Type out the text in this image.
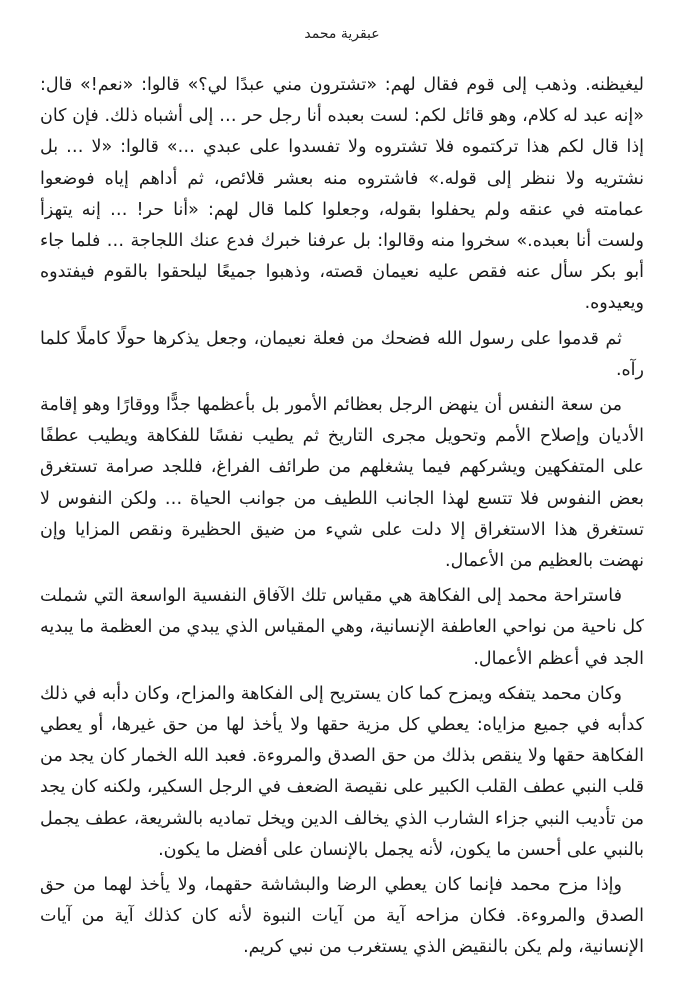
عبقرية محمد

ليغيظنه. وذهب إلى قوم فقال لهم: «تشترون مني عبدًا لي؟» قالوا: «نعم!» قال: «إنه عبد له كلام، وهو قائل لكم: لست بعبده أنا رجل حر … إلى أشباه ذلك. فإن كان إذا قال لكم هذا تركتموه فلا تشتروه ولا تفسدوا على عبدي …» قالوا: «لا … بل نشتريه ولا ننظر إلى قوله.» فاشتروه منه بعشر قلائص، ثم أداهم إياه فوضعوا عمامته في عنقه ولم يحفلوا بقوله، وجعلوا كلما قال لهم: «أنا حر! … إنه يتهزأ ولست أنا بعبده.» سخروا منه وقالوا: بل عرفنا خبرك فدع عنك اللجاجة … فلما جاء أبو بكر سأل عنه فقص عليه نعيمان قصته، وذهبوا جميعًا ليلحقوا بالقوم فيفتدوه ويعيدوه.

ثم قدموا على رسول الله فضحك من فعلة نعيمان، وجعل يذكرها حولًا كاملًا كلما رآه.

من سعة النفس أن ينهض الرجل بعظائم الأمور بل بأعظمها جدًّا ووقارًا وهو إقامة الأديان وإصلاح الأمم وتحويل مجرى التاريخ ثم يطيب نفسًا للفكاهة ويطيب عطفًا على المتفكهين ويشركهم فيما يشغلهم من طرائف الفراغ، فللجد صرامة تستغرق بعض النفوس فلا تتسع لهذا الجانب اللطيف من جوانب الحياة … ولكن النفوس لا تستغرق هذا الاستغراق إلا دلت على شيء من ضيق الحظيرة ونقص المزايا وإن نهضت بالعظيم من الأعمال.

فاستراحة محمد إلى الفكاهة هي مقياس تلك الآفاق النفسية الواسعة التي شملت كل ناحية من نواحي العاطفة الإنسانية، وهي المقياس الذي يبدي من العظمة ما يبديه الجد في أعظم الأعمال.

وكان محمد يتفكه ويمزح كما كان يستريح إلى الفكاهة والمزاح، وكان دأبه في ذلك كدأبه في جميع مزاياه: يعطي كل مزية حقها ولا يأخذ لها من حق غيرها، أو يعطي الفكاهة حقها ولا ينقص بذلك من حق الصدق والمروءة. فعبد الله الخمار كان يجد من قلب النبي عطف القلب الكبير على نقيصة الضعف في الرجل السكير، ولكنه كان يجد من تأديب النبي جزاء الشارب الذي يخالف الدين ويخل تماديه بالشريعة، عطف يجمل بالنبي على أحسن ما يكون، لأنه يجمل بالإنسان على أفضل ما يكون.

وإذا مزح محمد فإنما كان يعطي الرضا والبشاشة حقهما، ولا يأخذ لهما من حق الصدق والمروءة. فكان مزاحه آية من آيات النبوة لأنه كان كذلك آية من آيات الإنسانية، ولم يكن بالنقيض الذي يستغرب من نبي كريم.
